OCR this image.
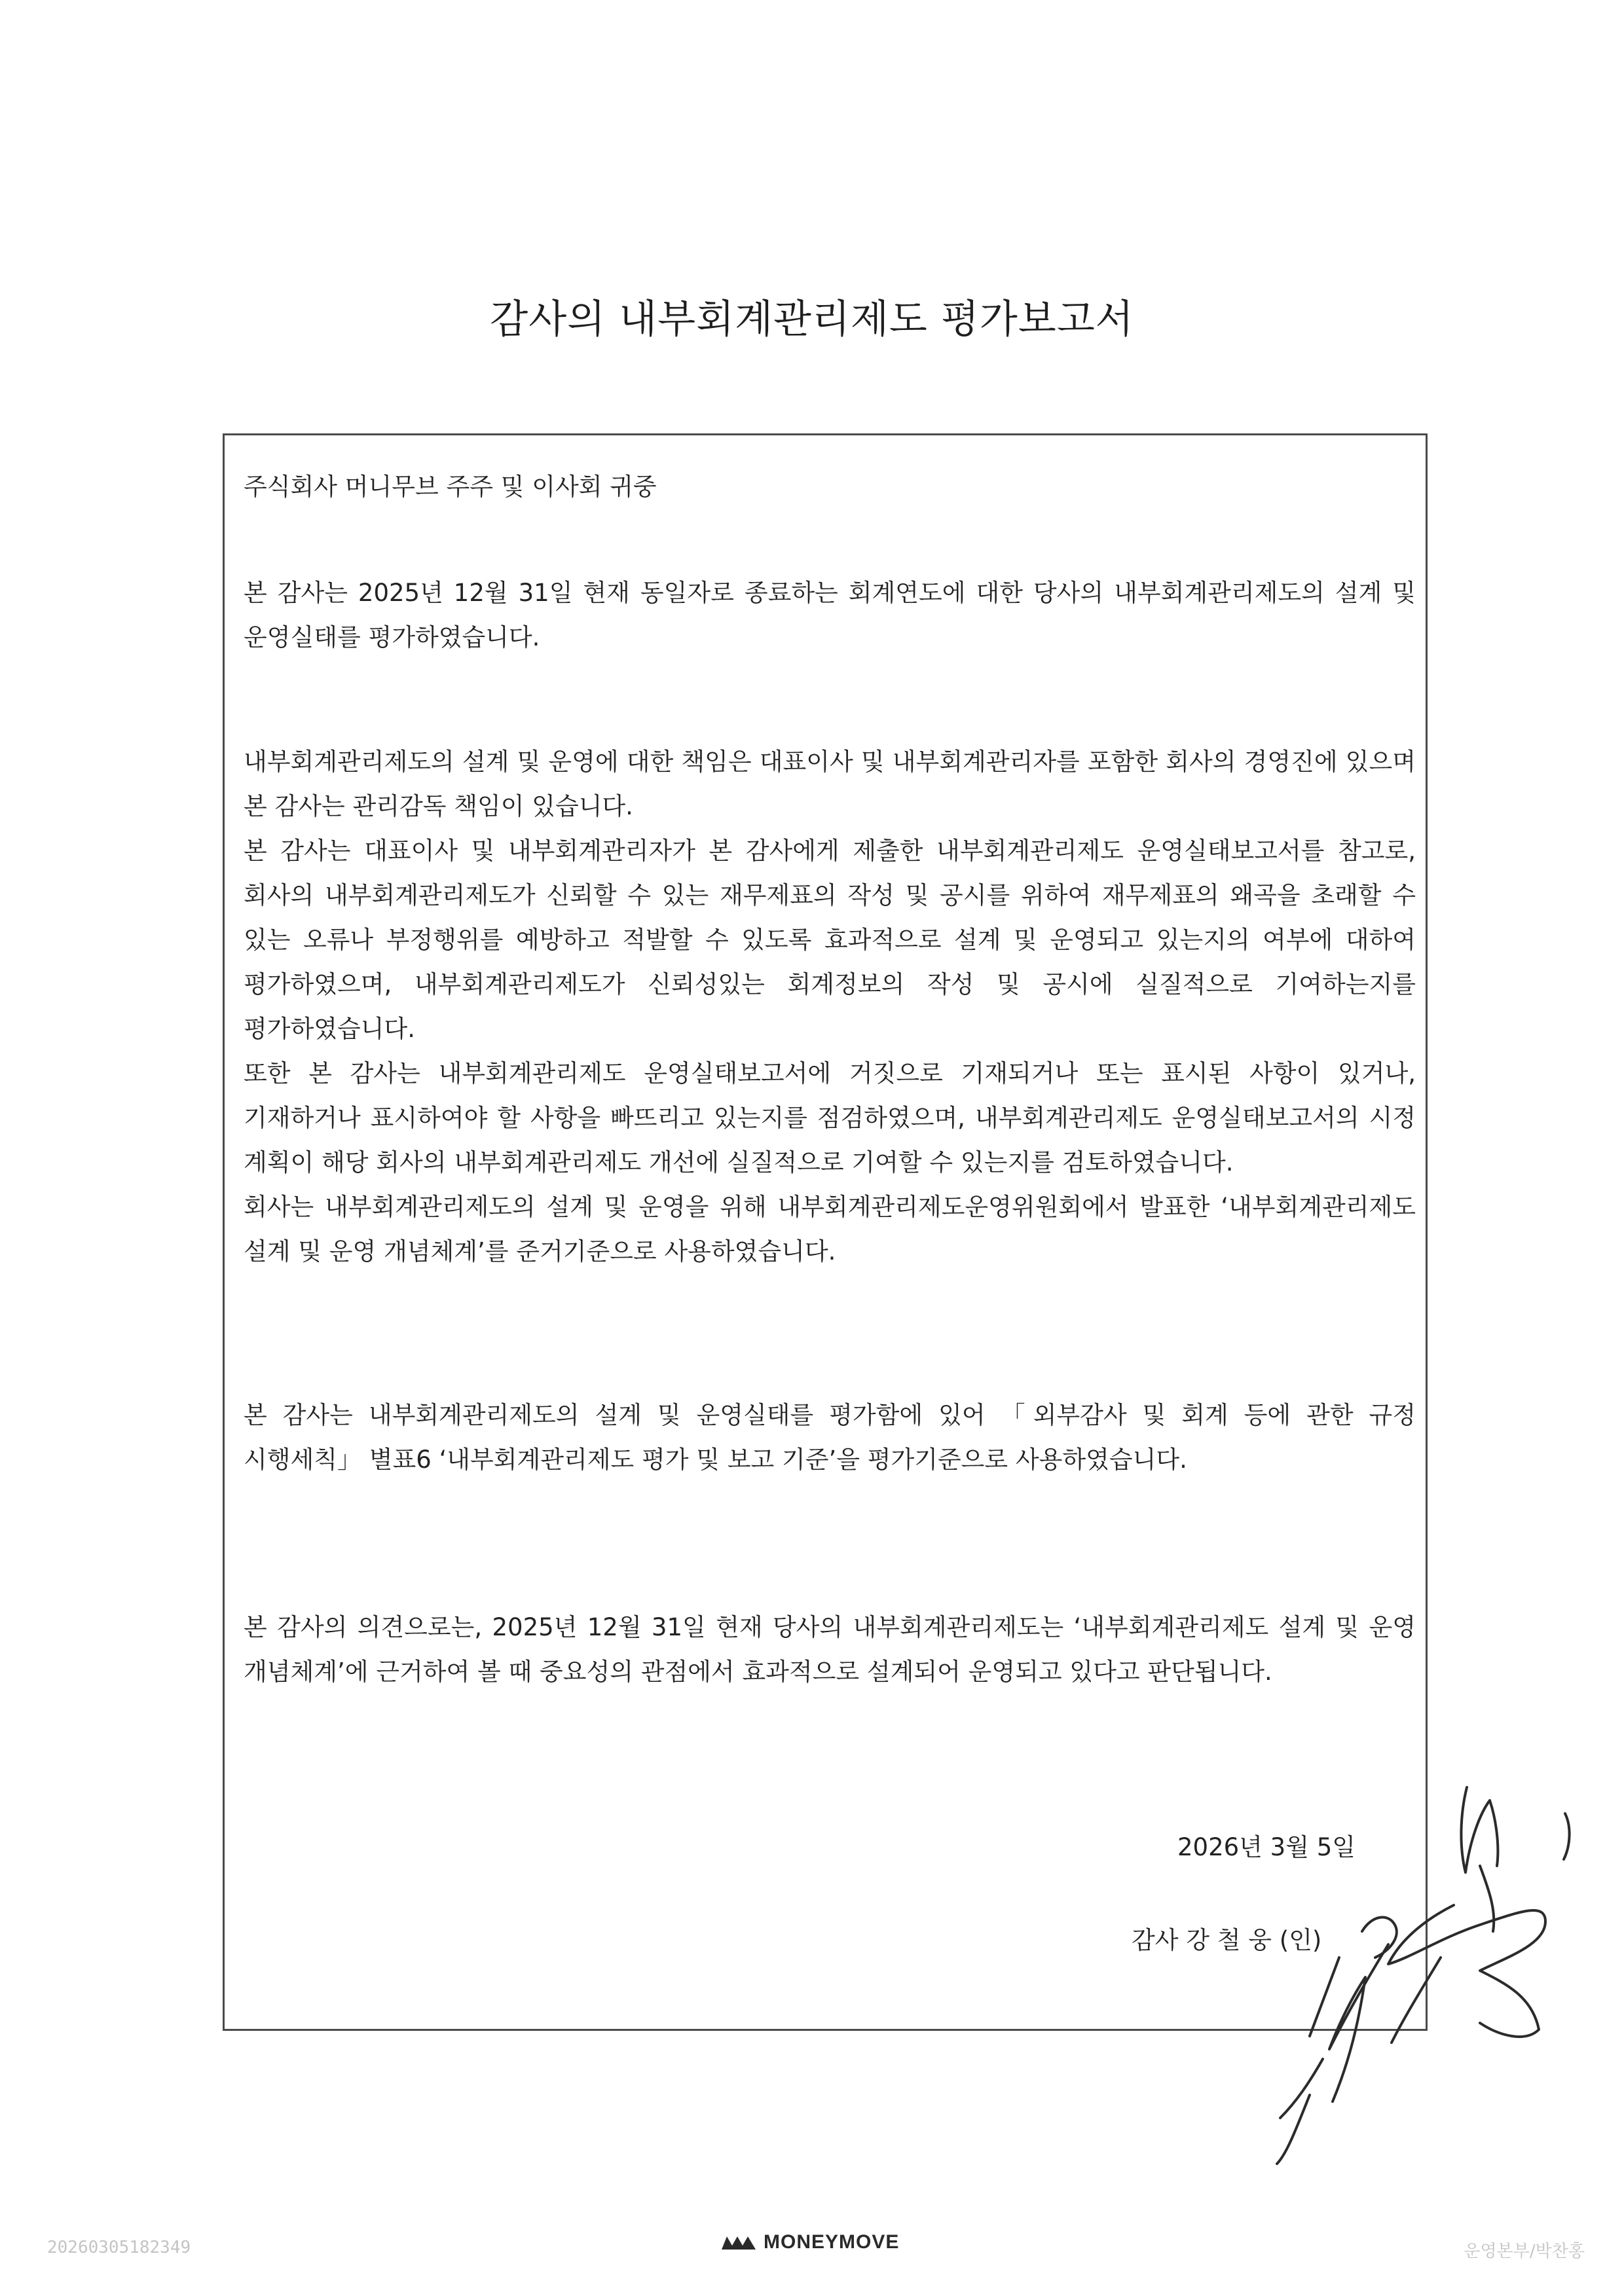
감사의 내부회계관리제도 평가보고서
주식회사 머니무브 주주 및 이사회 귀중

본 감사는 2025년 12월 31일 현재 동일자로 종료하는 회계연도에 대한 당사의 내부회계관리제도의 설계 및 운영실태를 평가하였습니다.

내부회계관리제도의 설계 및 운영에 대한 책임은 대표이사 및 내부회계관리자를 포함한 회사의 경영진에 있으며 본 감사는 관리감독 책임이 있습니다.

본 감사는 대표이사 및 내부회계관리자가 본 감사에게 제출한 내부회계관리제도 운영실태보고서를 참고로, 회사의 내부회계관리제도가 신뢰할 수 있는 재무제표의 작성 및 공시를 위하여 재무제표의 왜곡을 초래할 수 있는 오류나 부정행위를 예방하고 적발할 수 있도록 효과적으로 설계 및 운영되고 있는지의 여부에 대하여 평가하였으며, 내부회계관리제도가 신뢰성있는 회계정보의 작성 및 공시에 실질적으로 기여하는지를 평가하였습니다.

또한 본 감사는 내부회계관리제도 운영실태보고서에 거짓으로 기재되거나 또는 표시된 사항이 있거나, 기재하거나 표시하여야 할 사항을 빠뜨리고 있는지를 점검하였으며, 내부회계관리제도 운영실태보고서의 시정 계획이 해당 회사의 내부회계관리제도 개선에 실질적으로 기여할 수 있는지를 검토하였습니다.

회사는 내부회계관리제도의 설계 및 운영을 위해 내부회계관리제도운영위원회에서 발표한 ‘내부회계관리제도 설계 및 운영 개념체계’를 준거기준으로 사용하였습니다.

본 감사는 내부회계관리제도의 설계 및 운영실태를 평가함에 있어 「외부감사 및 회계 등에 관한 규정 시행세칙」 별표6 ‘내부회계관리제도 평가 및 보고 기준’을 평가기준으로 사용하였습니다.

본 감사의 의견으로는, 2025년 12월 31일 현재 당사의 내부회계관리제도는 ‘내부회계관리제도 설계 및 운영 개념체계’에 근거하여 볼 때 중요성의 관점에서 효과적으로 설계되어 운영되고 있다고 판단됩니다.

2026년 3월 5일
감사 강 철 웅 (인)
20260305182349	MONEYMOVE	운영본부/박찬홍
